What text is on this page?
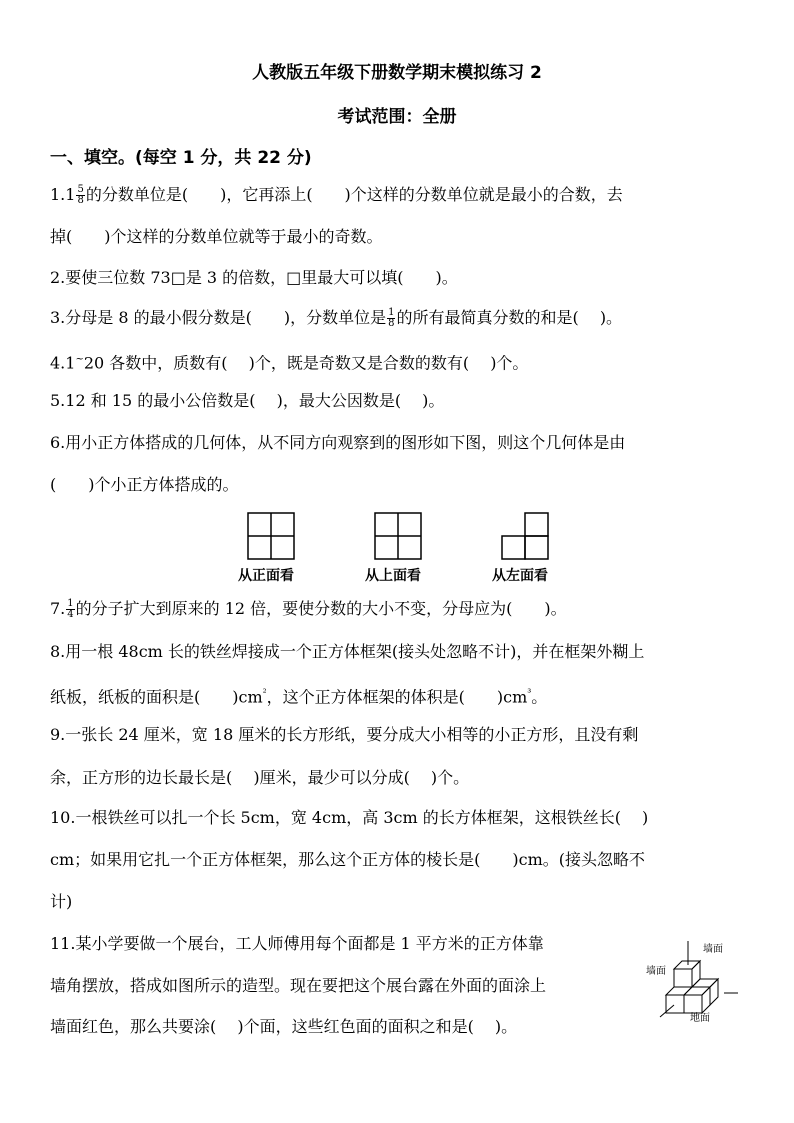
人教版五年级下册数学期末模拟练习 2
考试范围：全册
一、填空。(每空 1 分，共 22 分)
$1.1 \frac{5}{8}$ 的分数单位是(　　)，它再添上(　　)个这样的分数单位就是最小的合数，去
掉(　　)个这样的分数单位就等于最小的奇数。
2.要使三位数 73□是 3 的倍数，□里最大可以填(　　)。
3.分母是 8 的最小假分数是(　　)，分数单位是 $\frac{1}{8}$ 的所有最简真分数的和是(　 )。
4.1~20 各数中，质数有(　 )个，既是奇数又是合数的数有(　 )个。
5.12 和 15 的最小公倍数是(　 )，最大公因数是(　 )。
6.用小正方体搭成的几何体，从不同方向观察到的图形如下图，则这个几何体是由
(　　)个小正方体搭成的。
从正面看	从上面看	从左面看
7. $\frac{1}{4}$ 的分子扩大到原来的 12 倍，要使分数的大小不变，分母应为(　　)。
8.用一根 48cm 长的铁丝焊接成一个正方体框架(接头处忽略不计)，并在框架外糊上
纸板，纸板的面积是(　　)$cm^{^2}$，这个正方体框架的体积是(　　)$cm^{^3}$。
9.一张长 24 厘米，宽 18 厘米的长方形纸，要分成大小相等的小正方形，且没有剩
余，正方形的边长最长是(　 )厘米，最少可以分成(　 )个。
10.一根铁丝可以扎一个长 5cm，宽 4cm，高 3cm 的长方体框架，这根铁丝长(　 )
cm；如果用它扎一个正方体框架，那么这个正方体的棱长是(　　)cm。(接头忽略不
计)
11.某小学要做一个展台，工人师傅用每个面都是 1 平方米的正方体靠
墙角摆放，搭成如图所示的造型。现在要把这个展台露在外面的面涂上
墙面红色，那么共要涂(　 )个面，这些红色面的面积之和是(　 )。
墙面
墙面
地面
